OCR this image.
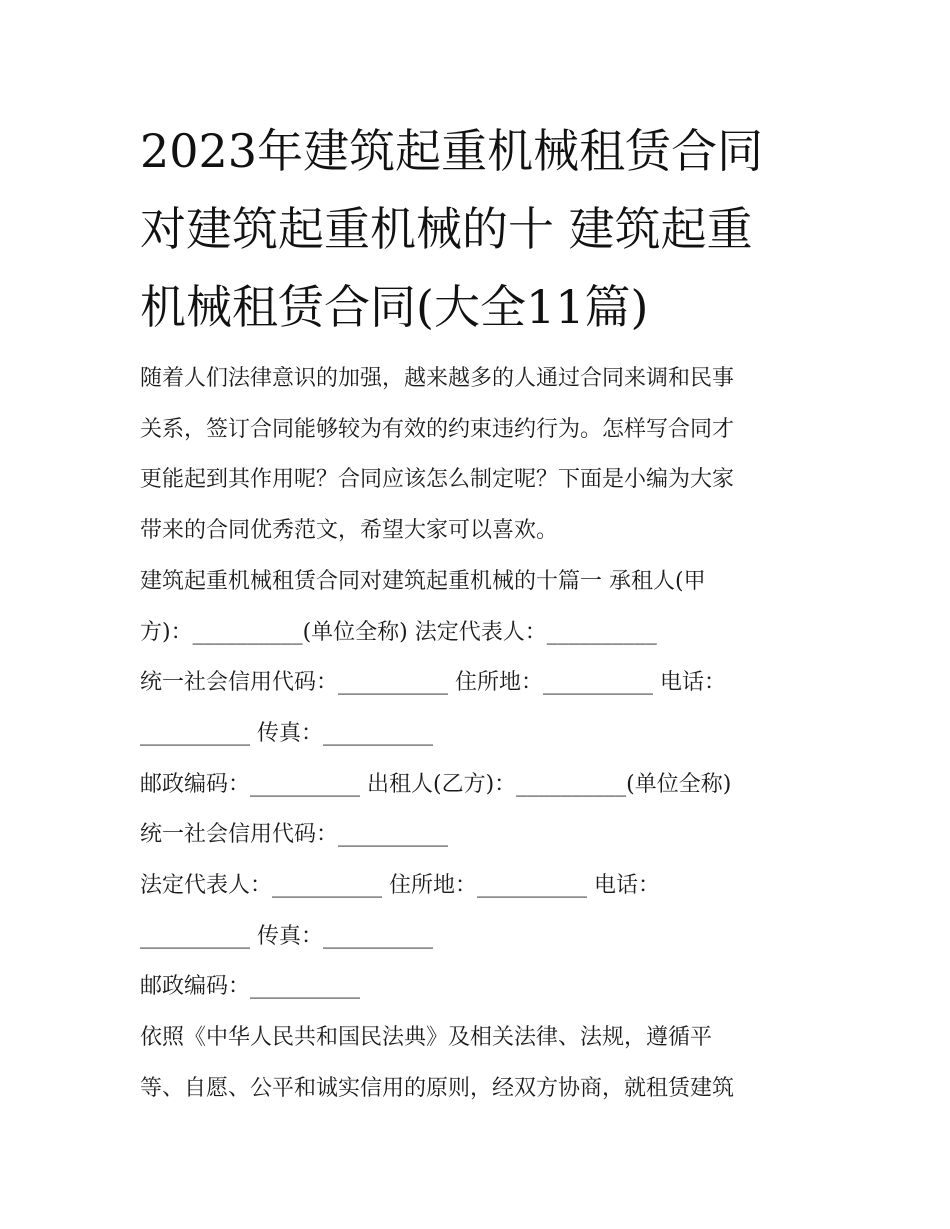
2023年建筑起重机械租赁合同
对建筑起重机械的十 建筑起重
机械租赁合同(大全11篇)

随着人们法律意识的加强，越来越多的人通过合同来调和民事

关系，签订合同能够较为有效的约束违约行为。怎样写合同才

更能起到其作用呢？合同应该怎么制定呢？下面是小编为大家

带来的合同优秀范文，希望大家可以喜欢。

建筑起重机械租赁合同对建筑起重机械的十篇一 承租人(甲

方)：__________(单位全称) 法定代表人：__________

统一社会信用代码：__________ 住所地：__________ 电话：

__________ 传真：__________

邮政编码：__________ 出租人(乙方)：__________(单位全称)

统一社会信用代码：__________

法定代表人：__________ 住所地：__________ 电话：

__________ 传真：__________

邮政编码：__________

依照《中华人民共和国民法典》及相关法律、法规，遵循平

等、自愿、公平和诚实信用的原则，经双方协商，就租赁建筑
